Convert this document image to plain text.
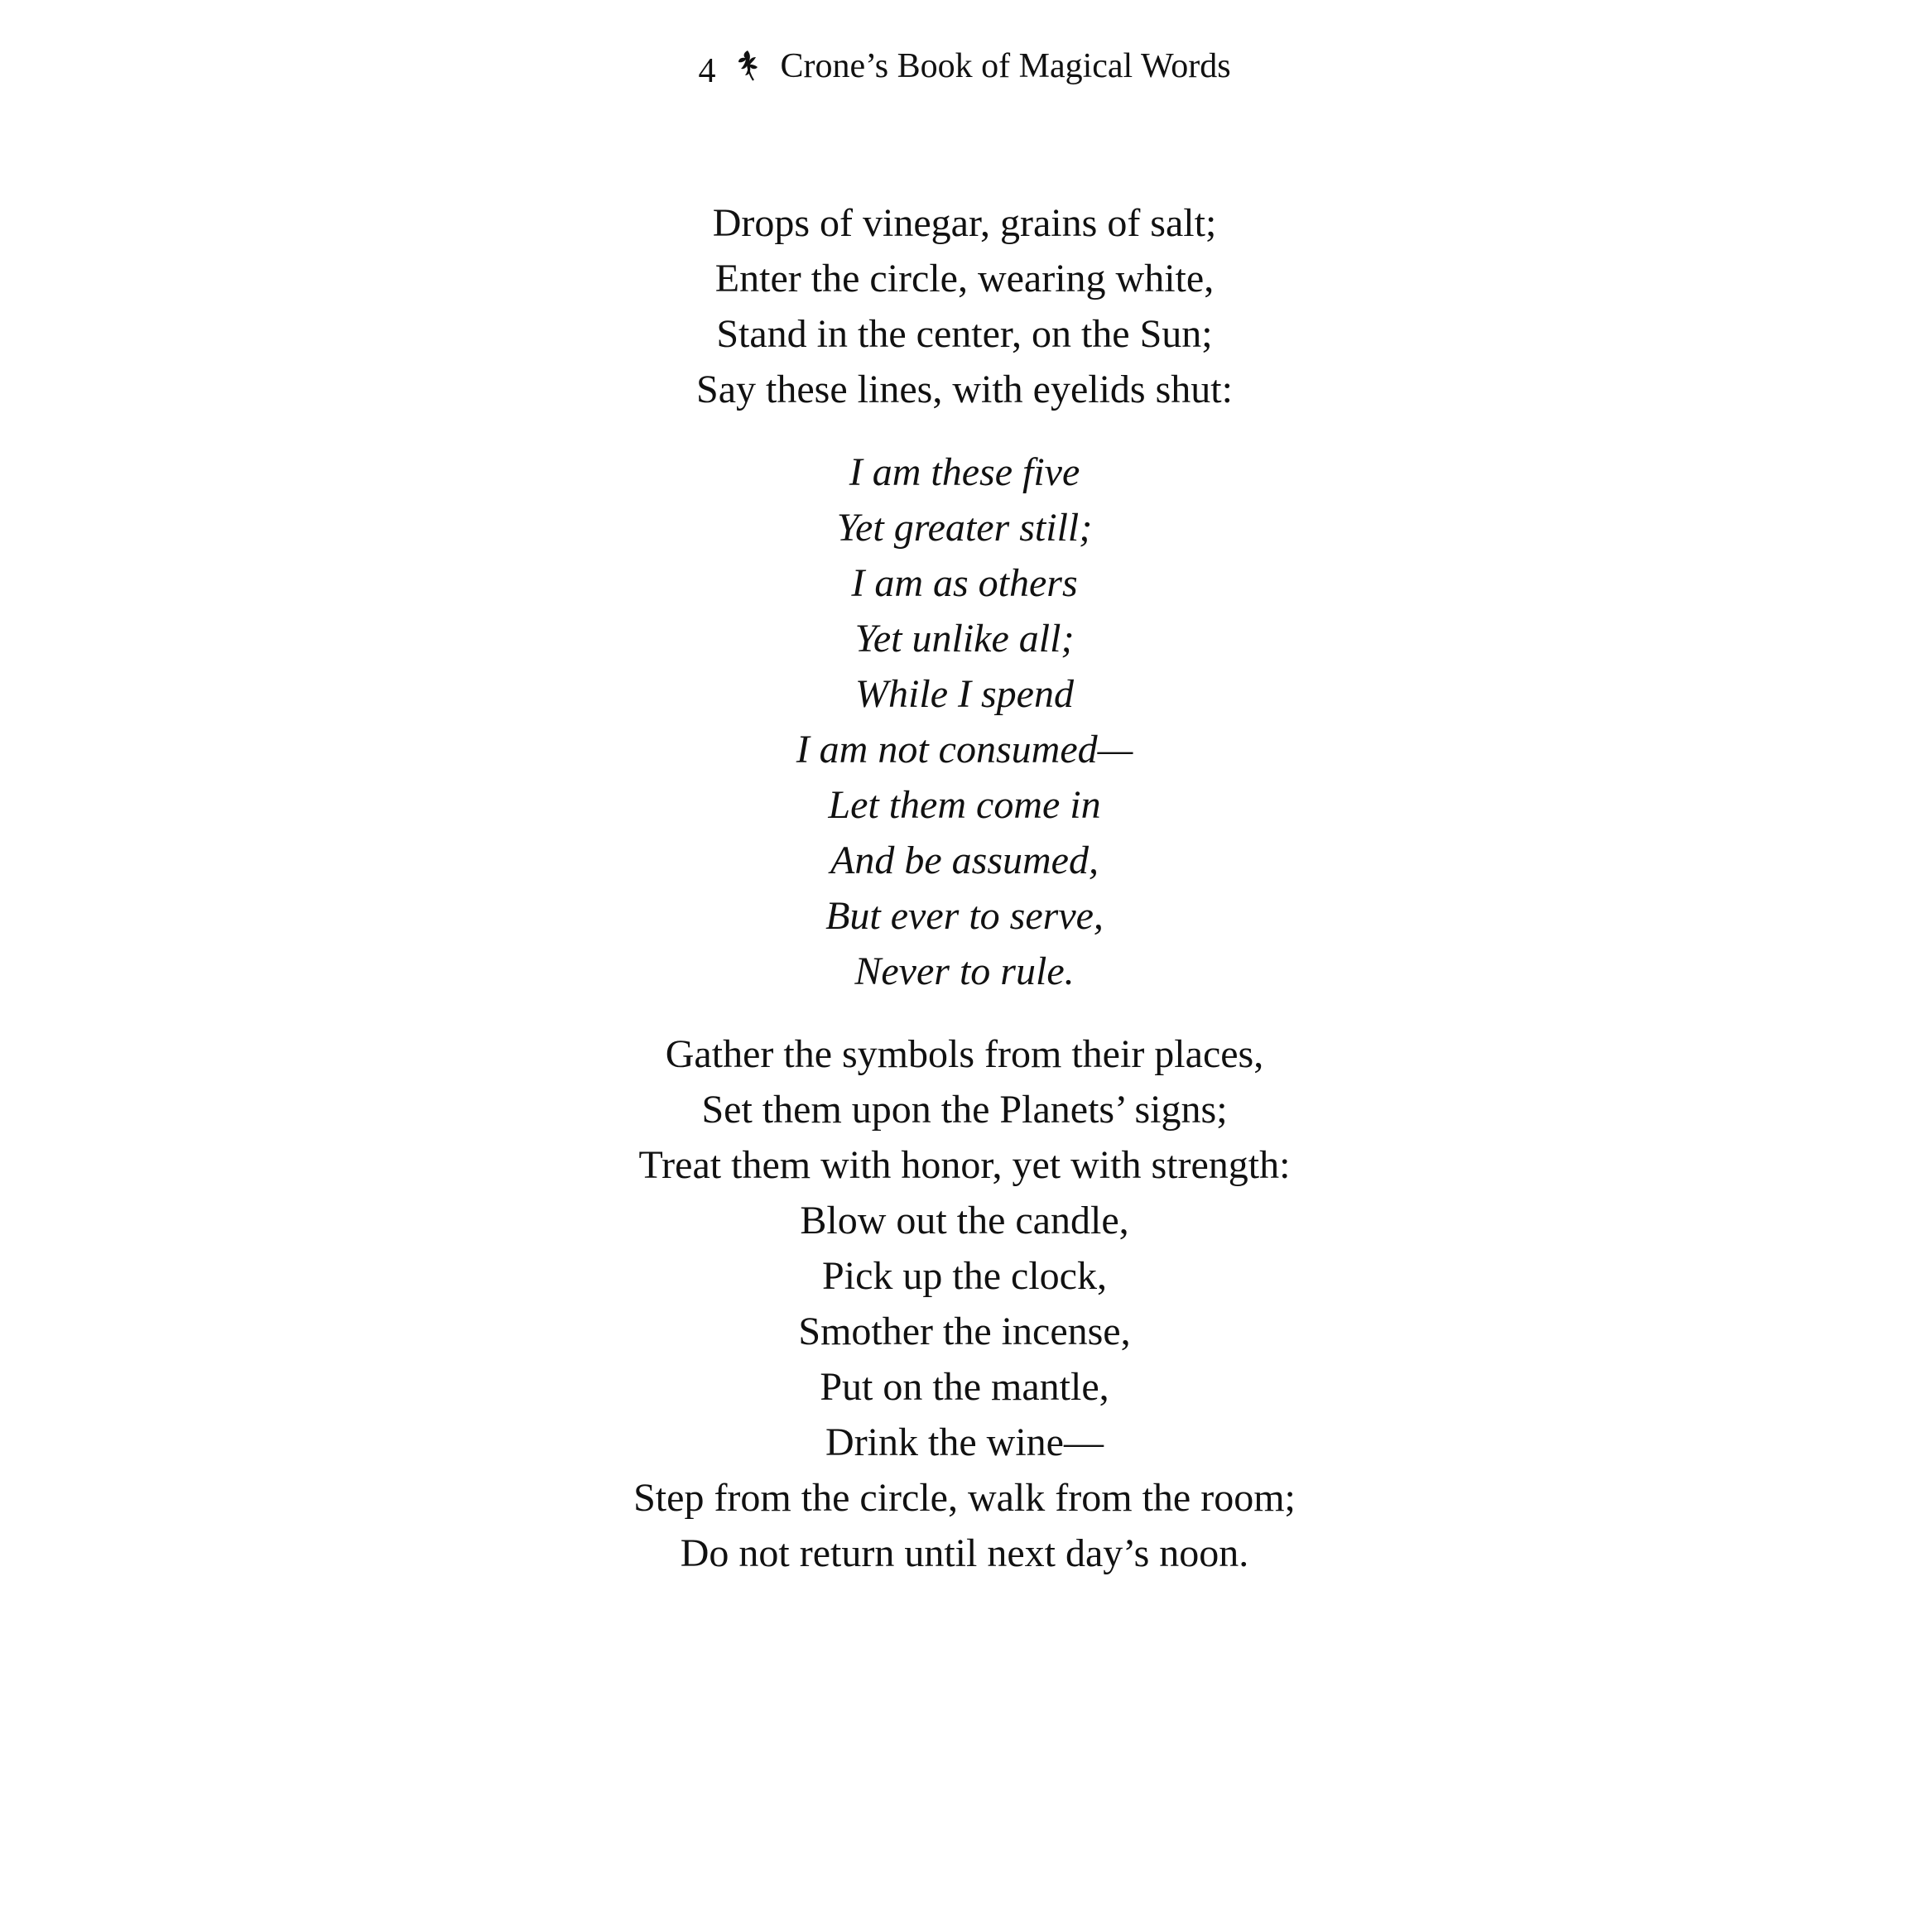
4 Crone’s Book of Magical Words
Drops of vinegar, grains of salt;
Enter the circle, wearing white,
Stand in the center, on the Sun;
Say these lines, with eyelids shut:
I am these five
Yet greater still;
I am as others
Yet unlike all;
While I spend
I am not consumed—
Let them come in
And be assumed,
But ever to serve,
Never to rule.
Gather the symbols from their places,
Set them upon the Planets’ signs;
Treat them with honor, yet with strength:
Blow out the candle,
Pick up the clock,
Smother the incense,
Put on the mantle,
Drink the wine—
Step from the circle, walk from the room;
Do not return until next day’s noon.
